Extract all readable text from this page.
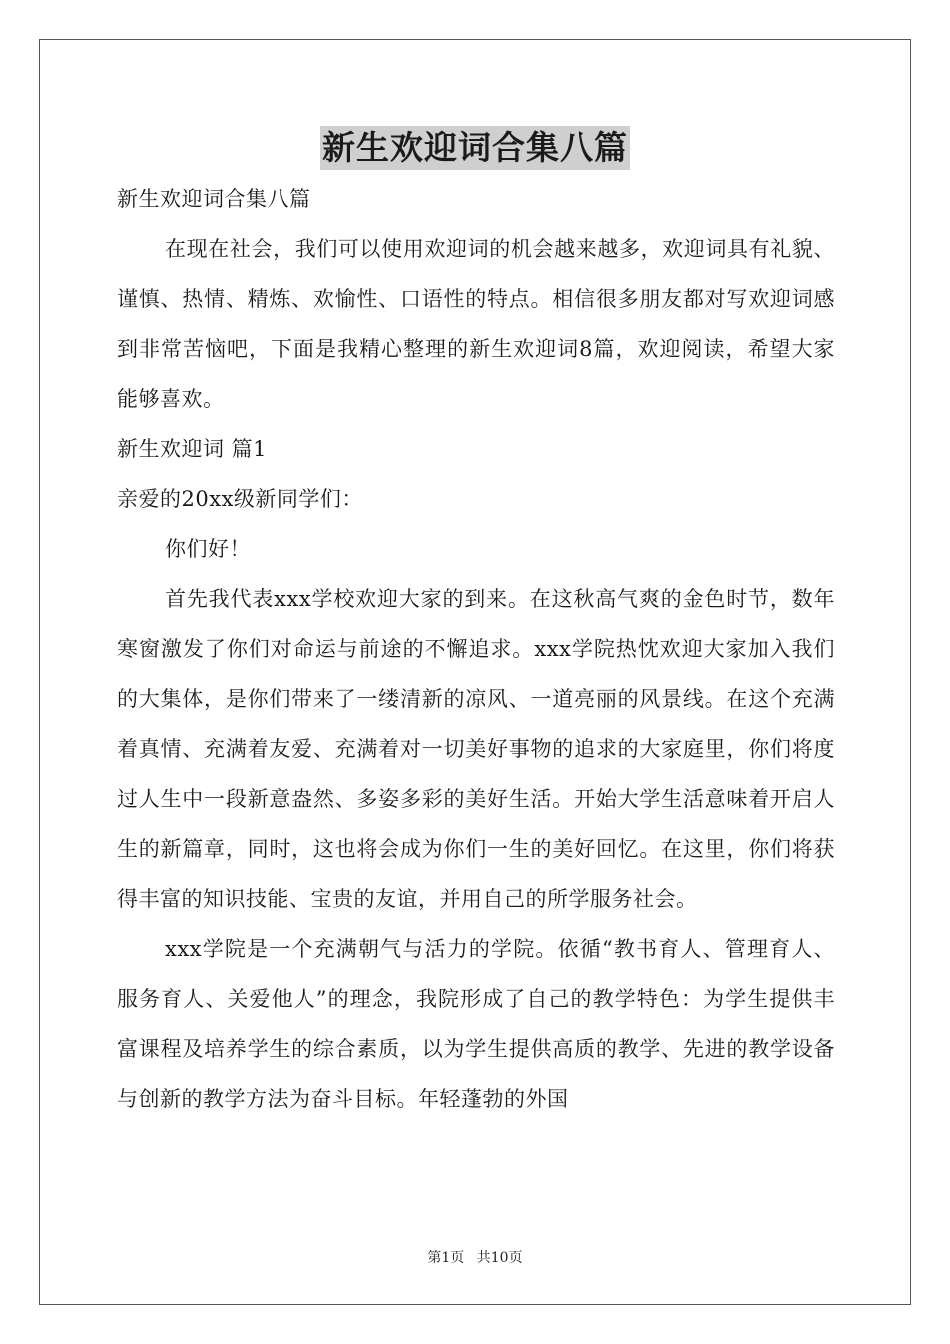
新生欢迎词合集八篇

新生欢迎词合集八篇

在现在社会，我们可以使用欢迎词的机会越来越多，欢迎词具有礼貌、谨慎、热情、精炼、欢愉性、口语性的特点。相信很多朋友都对写欢迎词感到非常苦恼吧，下面是我精心整理的新生欢迎词8篇，欢迎阅读，希望大家能够喜欢。

新生欢迎词 篇1

亲爱的20xx级新同学们：

你们好！

首先我代表xxx学校欢迎大家的到来。在这秋高气爽的金色时节，数年寒窗激发了你们对命运与前途的不懈追求。xxx学院热忱欢迎大家加入我们的大集体，是你们带来了一缕清新的凉风、一道亮丽的风景线。在这个充满着真情、充满着友爱、充满着对一切美好事物的追求的大家庭里，你们将度过人生中一段新意盎然、多姿多彩的美好生活。开始大学生活意味着开启人生的新篇章，同时，这也将会成为你们一生的美好回忆。在这里，你们将获得丰富的知识技能、宝贵的友谊，并用自己的所学服务社会。

xxx学院是一个充满朝气与活力的学院。依循“教书育人、管理育人、服务育人、关爱他人”的理念，我院形成了自己的教学特色：为学生提供丰富课程及培养学生的综合素质，以为学生提供高质的教学、先进的教学设备与创新的教学方法为奋斗目标。年轻蓬勃的外国

第1页 共10页
